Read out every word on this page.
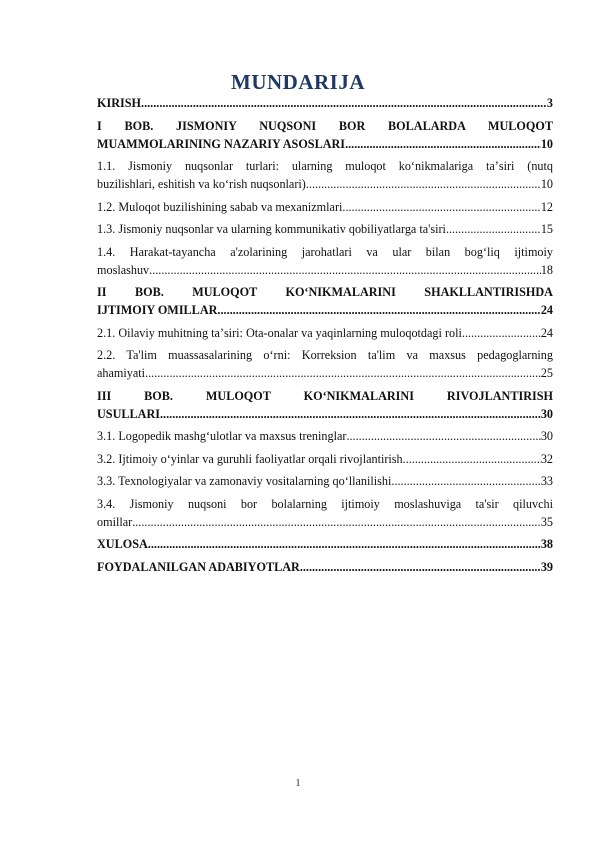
MUNDARIJA
KIRISH .....	3
I BOB. JISMONIY NUQSONI BOR BOLALARDA MULOQOT
MUAMMOLARINING NAZARIY ASOSLARI .....	10
1.1. Jismoniy nuqsonlar turlari: ularning muloqot koʻnikmalariga taʼsiri (nutq
buzilishlari, eshitish va koʻrish nuqsonlari) .....	10
1.2. Muloqot buzilishining sabab va mexanizmlari .....	12
1.3. Jismoniy nuqsonlar va ularning kommunikativ qobiliyatlarga ta'siri .....	15
1.4. Harakat-tayancha a'zolarining jarohatlari va ular bilan bogʻliq ijtimoiy
moslashuv .....	18
II BOB. MULOQOT KOʻNIKMALARINI SHAKLLANTIRISHDA
IJTIMOIY OMILLAR .....	24
2.1. Oilaviy muhitning taʼsiri: Ota-onalar va yaqinlarning muloqotdagi roli .....	24
2.2. Ta'lim muassasalarining oʻrni: Korreksion ta'lim va maxsus pedagoglarning
ahamiyati .....	25
III BOB. MULOQOT KOʻNIKMALARINI RIVOJLANTIRISH
USULLARI .....	30
3.1. Logopedik mashgʻulotlar va maxsus treninglar .....	30
3.2. Ijtimoiy oʻyinlar va guruhli faoliyatlar orqali rivojlantirish .....	32
3.3. Texnologiyalar va zamonaviy vositalarning qoʻllanilishi .....	33
3.4. Jismoniy nuqsoni bor bolalarning ijtimoiy moslashuviga ta'sir qiluvchi
omillar .....	35
XULOSA .....	38
FOYDALANILGAN ADABIYOTLAR .....	39
1
